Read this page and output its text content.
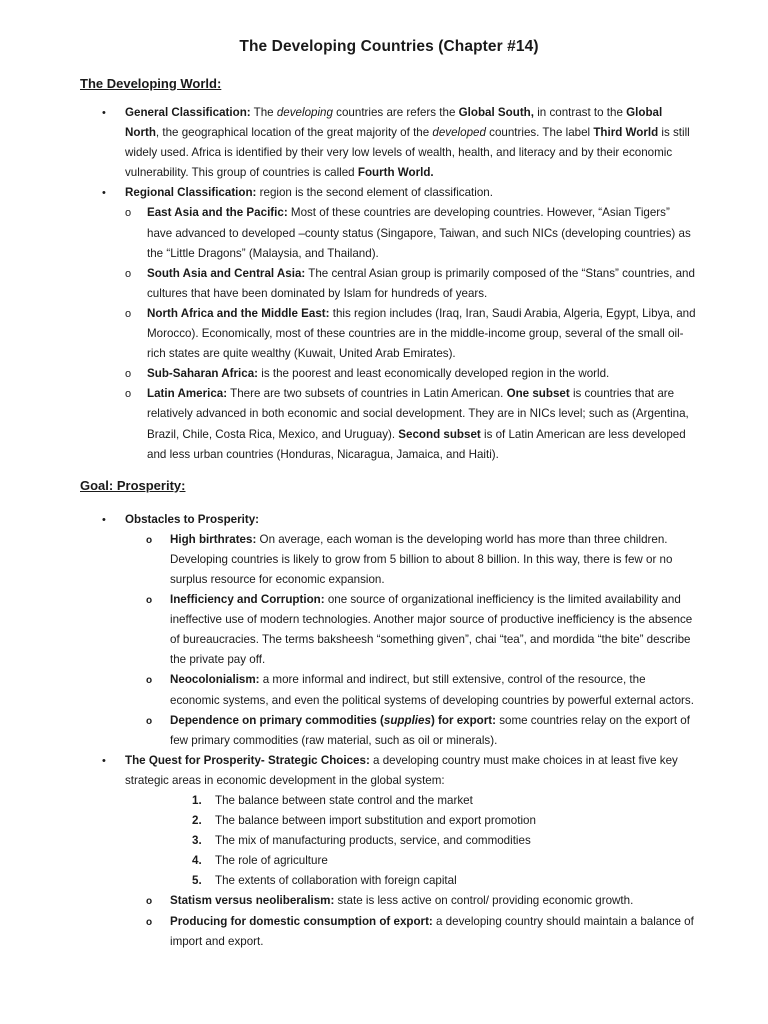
The Developing Countries (Chapter #14)
The Developing World:
• General Classification: The developing countries are refers the Global South, in contrast to the Global North, the geographical location of the great majority of the developed countries. The label Third World is still widely used. Africa is identified by their very low levels of wealth, health, and literacy and by their economic vulnerability. This group of countries is called Fourth World.

• Regional Classification: region is the second element of classification.

o East Asia and the Pacific: Most of these countries are developing countries. However, “Asian Tigers” have advanced to developed –county status (Singapore, Taiwan, and such NICs (developing countries) as the “Little Dragons” (Malaysia, and Thailand).

o South Asia and Central Asia: The central Asian group is primarily composed of the “Stans” countries, and cultures that have been dominated by Islam for hundreds of years.

o North Africa and the Middle East: this region includes (Iraq, Iran, Saudi Arabia, Algeria, Egypt, Libya, and Morocco). Economically, most of these countries are in the middle-income group, several of the small oil-rich states are quite wealthy (Kuwait, United Arab Emirates).

o Sub-Saharan Africa: is the poorest and least economically developed region in the world.

o Latin America: There are two subsets of countries in Latin American. One subset is countries that are relatively advanced in both economic and social development. They are in NICs level; such as (Argentina, Brazil, Chile, Costa Rica, Mexico, and Uruguay). Second subset is of Latin American are less developed and less urban countries (Honduras, Nicaragua, Jamaica, and Haiti).

Goal: Prosperity:
• Obstacles to Prosperity:

o High birthrates: On average, each woman is the developing world has more than three children. Developing countries is likely to grow from 5 billion to about 8 billion. In this way, there is few or no surplus resource for economic expansion.

o Inefficiency and Corruption: one source of organizational inefficiency is the limited availability and ineffective use of modern technologies. Another major source of productive inefficiency is the absence of bureaucracies. The terms baksheesh “something given”, chai “tea”, and mordida “the bite” describe the private pay off.

o Neocolonialism: a more informal and indirect, but still extensive, control of the resource, the economic systems, and even the political systems of developing countries by powerful external actors.

o Dependence on primary commodities (supplies) for export: some countries relay on the export of few primary commodities (raw material, such as oil or minerals).

• The Quest for Prosperity- Strategic Choices: a developing country must make choices in at least five key strategic areas in economic development in the global system:

1. The balance between state control and the market
2. The balance between import substitution and export promotion
3. The mix of manufacturing products, service, and commodities
4. The role of agriculture
5. The extents of collaboration with foreign capital
o Statism versus neoliberalism: state is less active on control/ providing economic growth.

o Producing for domestic consumption of export: a developing country should maintain a balance of import and export.
